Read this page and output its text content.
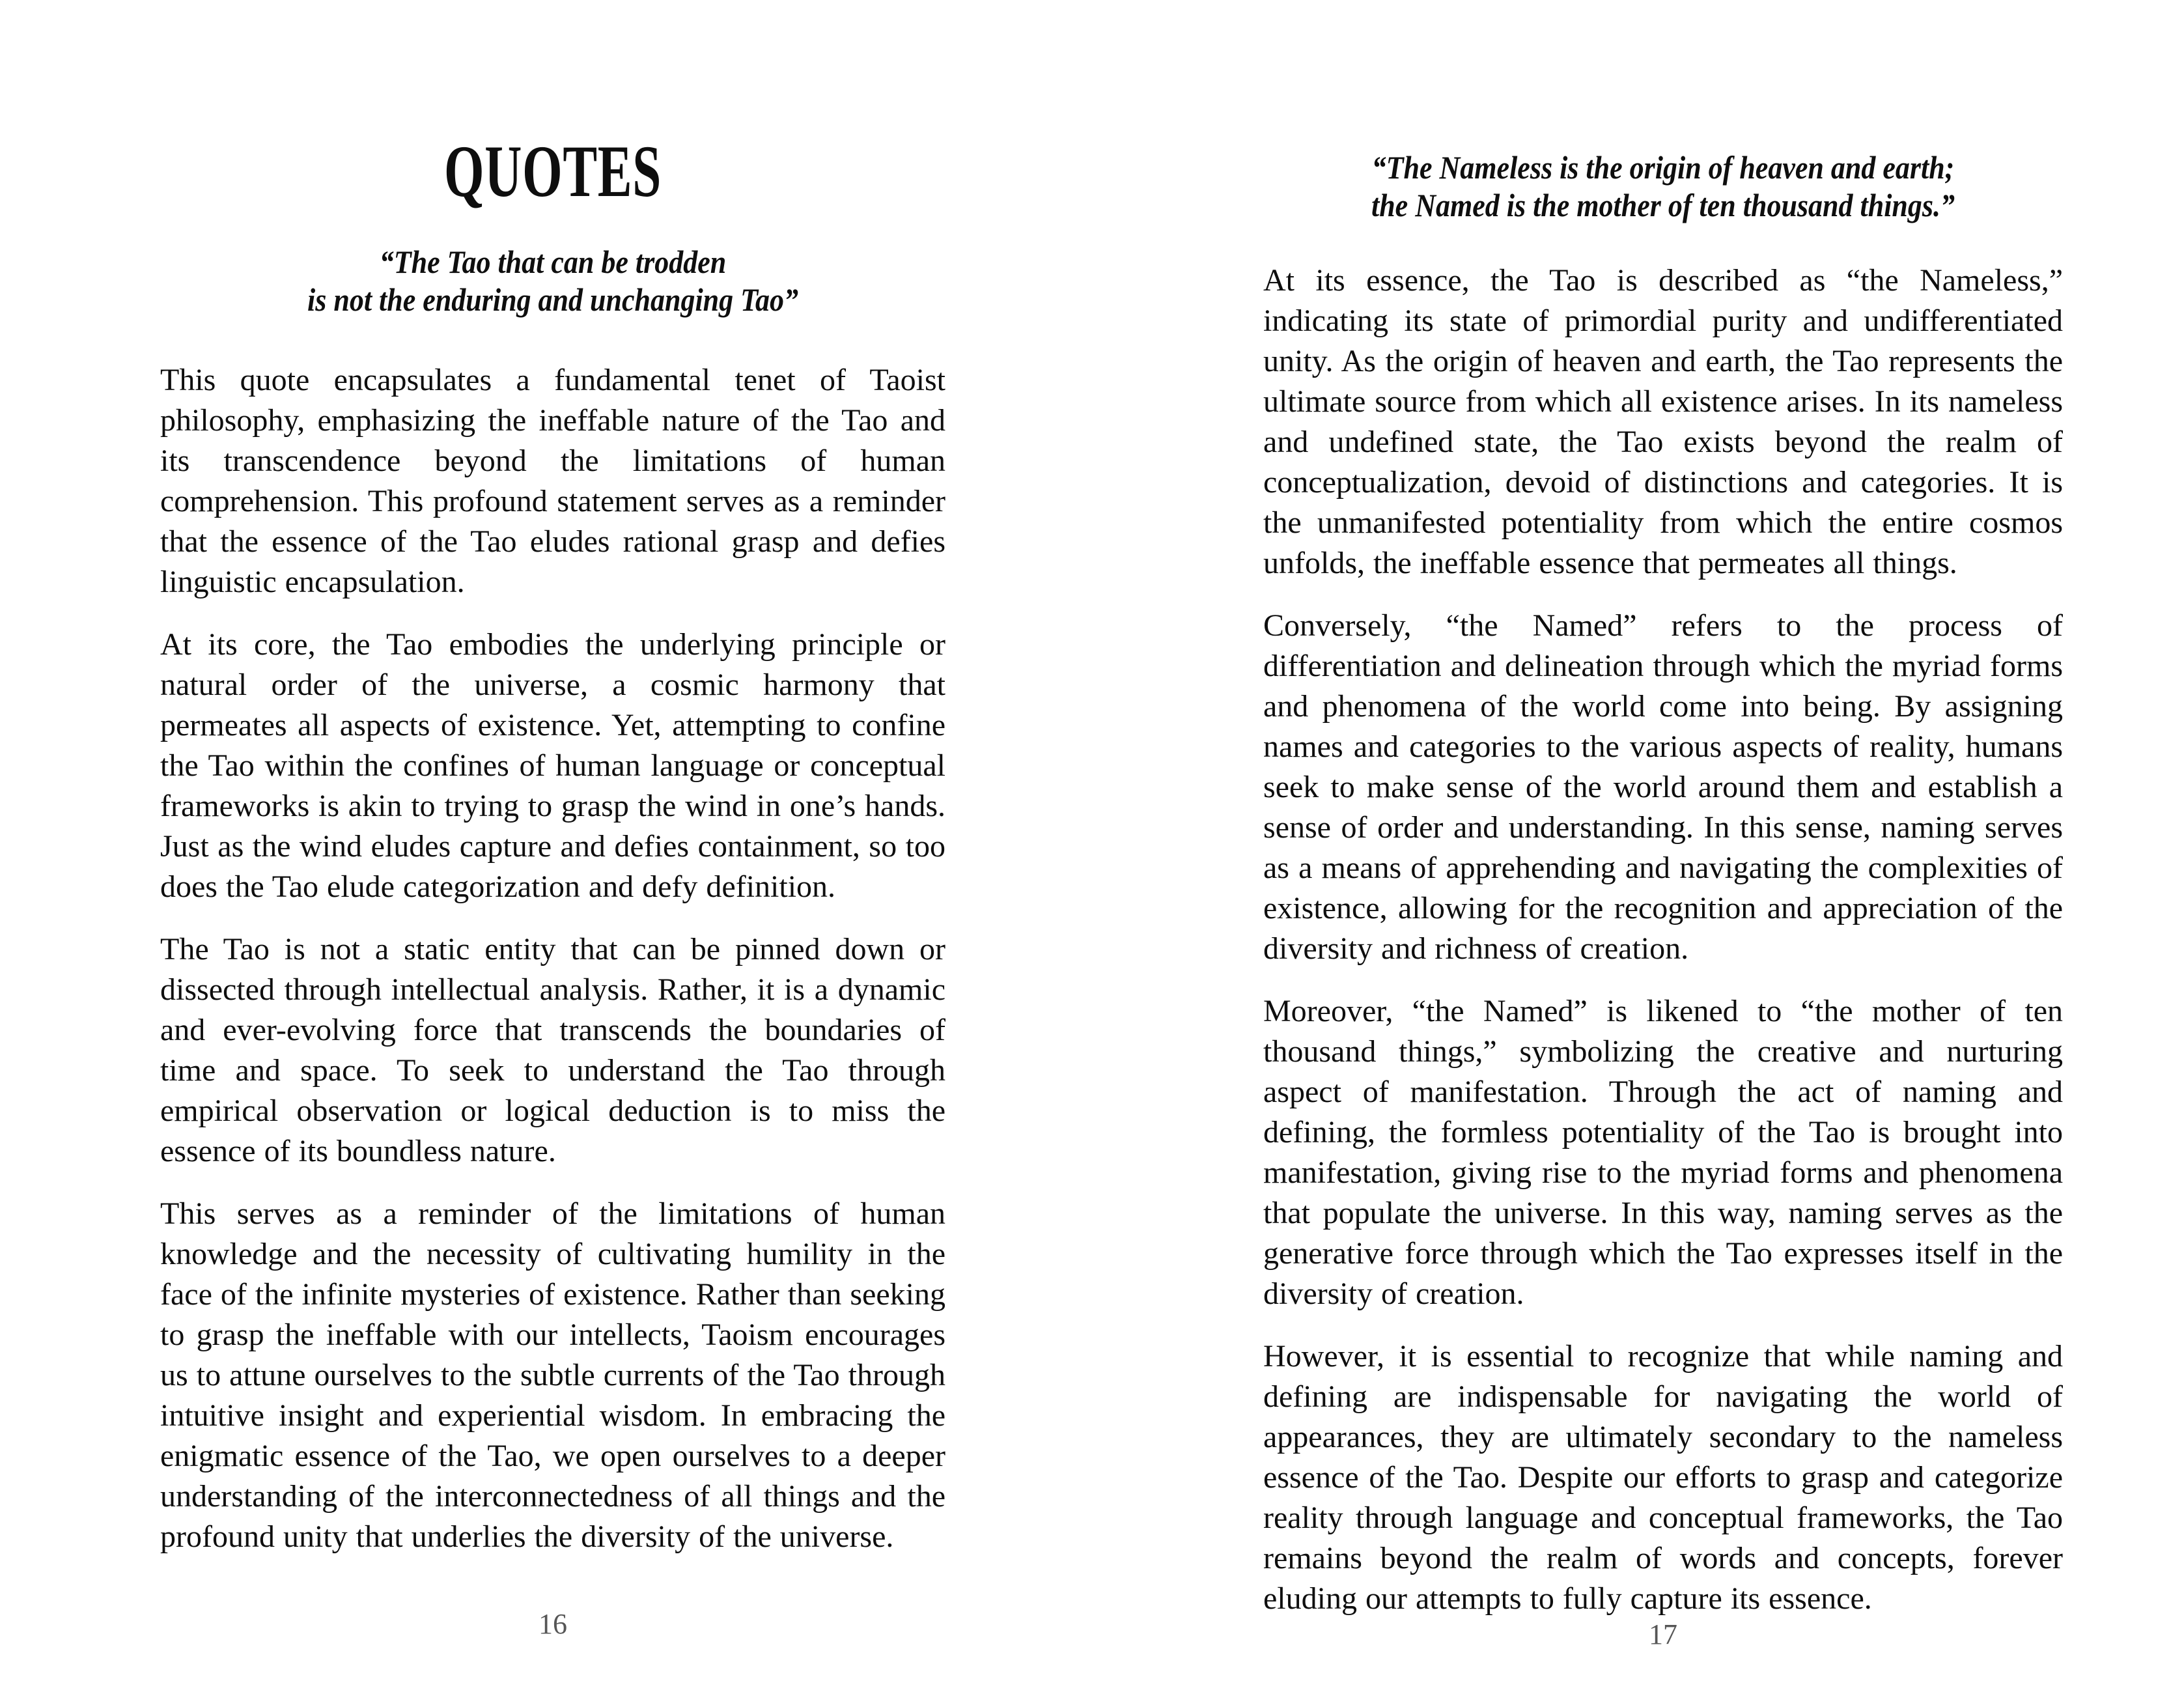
QUOTES
“The Tao that can be trodden
is not the enduring and unchanging Tao”

This quote encapsulates a fundamental tenet of Taoist philosophy, emphasizing the ineffable nature of the Tao and its transcendence beyond the limitations of human comprehension. This profound statement serves as a reminder that the essence of the Tao eludes rational grasp and defies linguistic encapsulation.

At its core, the Tao embodies the underlying principle or natural order of the universe, a cosmic harmony that permeates all aspects of existence. Yet, attempting to confine the Tao within the confines of human language or conceptual frameworks is akin to trying to grasp the wind in one’s hands. Just as the wind eludes capture and defies containment, so too does the Tao elude categorization and defy definition.

The Tao is not a static entity that can be pinned down or dissected through intellectual analysis. Rather, it is a dynamic and ever-evolving force that transcends the boundaries of time and space. To seek to understand the Tao through empirical observation or logical deduction is to miss the essence of its boundless nature.

This serves as a reminder of the limitations of human knowledge and the necessity of cultivating humility in the face of the infinite mysteries of existence. Rather than seeking to grasp the ineffable with our intellects, Taoism encourages us to attune ourselves to the subtle currents of the Tao through intuitive insight and experiential wisdom. In embracing the enigmatic essence of the Tao, we open ourselves to a deeper understanding of the interconnectedness of all things and the profound unity that underlies the diversity of the universe.

16
“The Nameless is the origin of heaven and earth;
the Named is the mother of ten thousand things.”

At its essence, the Tao is described as “the Nameless,” indicating its state of primordial purity and undifferentiated unity. As the origin of heaven and earth, the Tao represents the ultimate source from which all existence arises. In its nameless and undefined state, the Tao exists beyond the realm of conceptualization, devoid of distinctions and categories. It is the unmanifested potentiality from which the entire cosmos unfolds, the ineffable essence that permeates all things.

Conversely, “the Named” refers to the process of differentiation and delineation through which the myriad forms and phenomena of the world come into being. By assigning names and categories to the various aspects of reality, humans seek to make sense of the world around them and establish a sense of order and understanding. In this sense, naming serves as a means of apprehending and navigating the complexities of existence, allowing for the recognition and appreciation of the diversity and richness of creation.

Moreover, “the Named” is likened to “the mother of ten thousand things,” symbolizing the creative and nurturing aspect of manifestation. Through the act of naming and defining, the formless potentiality of the Tao is brought into manifestation, giving rise to the myriad forms and phenomena that populate the universe. In this way, naming serves as the generative force through which the Tao expresses itself in the diversity of creation.

However, it is essential to recognize that while naming and defining are indispensable for navigating the world of appearances, they are ultimately secondary to the nameless essence of the Tao. Despite our efforts to grasp and categorize reality through language and conceptual frameworks, the Tao remains beyond the realm of words and concepts, forever eluding our attempts to fully capture its essence.

17
